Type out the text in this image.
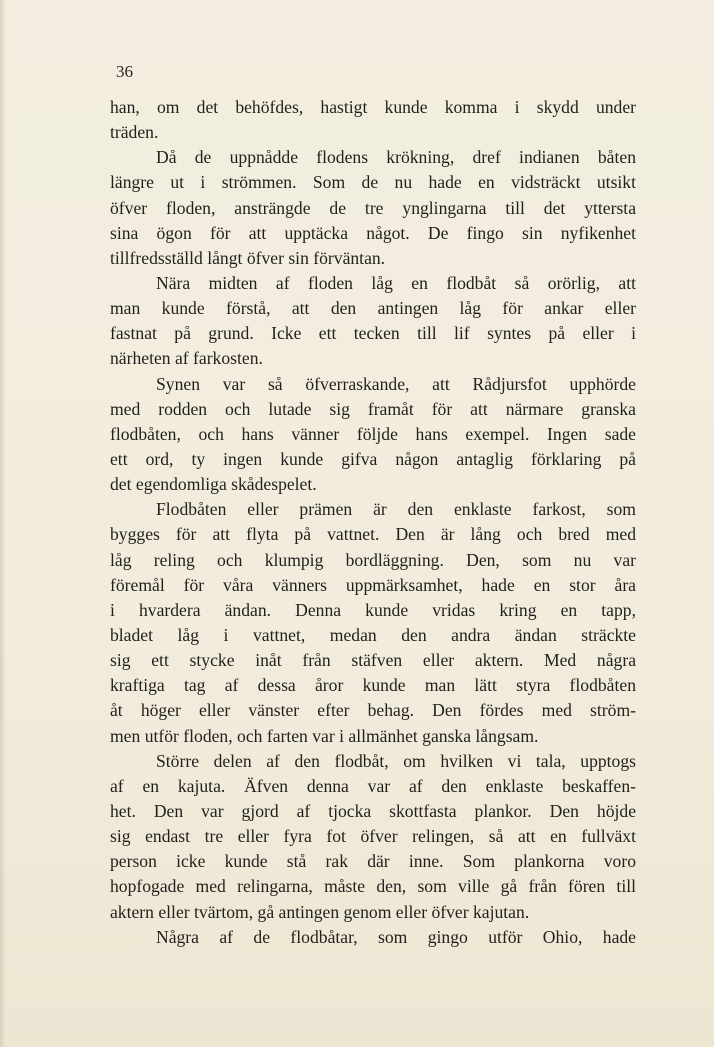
36
han, om det behöfdes, hastigt kunde komma i skydd under
träden.
Då de uppnådde flodens krökning, dref indianen båten
längre ut i strömmen. Som de nu hade en vidsträckt utsikt
öfver floden, ansträngde de tre ynglingarna till det yttersta
sina ögon för att upptäcka något. De fingo sin nyfikenhet
tillfredsställd långt öfver sin förväntan.
Nära midten af floden låg en flodbåt så orörlig, att
man kunde förstå, att den antingen låg för ankar eller
fastnat på grund. Icke ett tecken till lif syntes på eller i
närheten af farkosten.
Synen var så öfverraskande, att Rådjursfot upphörde
med rodden och lutade sig framåt för att närmare granska
flodbåten, och hans vänner följde hans exempel. Ingen sade
ett ord, ty ingen kunde gifva någon antaglig förklaring på
det egendomliga skådespelet.
Flodbåten eller prämen är den enklaste farkost, som
bygges för att flyta på vattnet. Den är lång och bred med
låg reling och klumpig bordläggning. Den, som nu var
föremål för våra vänners uppmärksamhet, hade en stor åra
i hvardera ändan. Denna kunde vridas kring en tapp,
bladet låg i vattnet, medan den andra ändan sträckte
sig ett stycke inåt från stäfven eller aktern. Med några
kraftiga tag af dessa åror kunde man lätt styra flodbåten
åt höger eller vänster efter behag. Den fördes med ström-
men utför floden, och farten var i allmänhet ganska långsam.
Större delen af den flodbåt, om hvilken vi tala, upptogs
af en kajuta. Äfven denna var af den enklaste beskaffen-
het. Den var gjord af tjocka skottfasta plankor. Den höjde
sig endast tre eller fyra fot öfver relingen, så att en fullväxt
person icke kunde stå rak där inne. Som plankorna voro
hopfogade med relingarna, måste den, som ville gå från fören till
aktern eller tvärtom, gå antingen genom eller öfver kajutan.
Några af de flodbåtar, som gingo utför Ohio, hade
